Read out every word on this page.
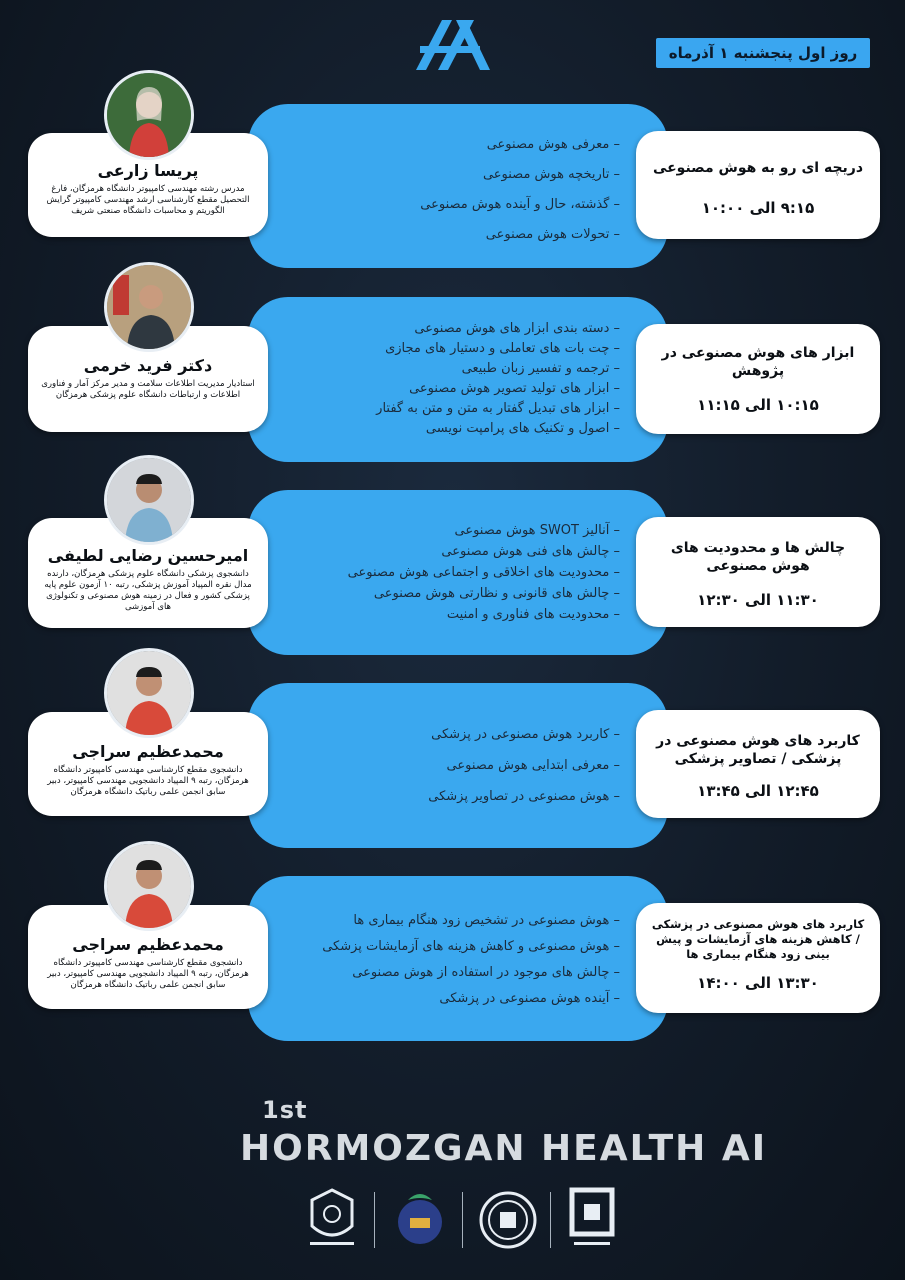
روز اول پنجشنبه ۱ آذرماه
– معرفی هوش مصنوعی
– تاریخچه هوش مصنوعی
– گذشته، حال و آینده هوش مصنوعی
– تحولات هوش مصنوعی
دریچه ای رو به هوش مصنوعی
۹:۱۵ الی ۱۰:۰۰
پریسا زارعی
مدرس رشته مهندسی کامپیوتر دانشگاه هرمزگان، فارغ التحصیل مقطع کارشناسی ارشد مهندسی کامپیوتر گرایش الگوریتم و محاسبات دانشگاه صنعتی شریف
– دسته بندی ابزار های هوش مصنوعی
– چت بات های تعاملی و دستیار های مجازی
– ترجمه و تفسیر زبان طبیعی
– ابزار های تولید تصویر هوش مصنوعی
– ابزار های تبدیل گفتار به متن و متن به گفتار
– اصول و تکنیک های پرامپت نویسی
ابزار های هوش مصنوعی در پژوهش
۱۰:۱۵ الی ۱۱:۱۵
دکتر فرید خرمی
استادیار مدیریت اطلاعات سلامت و مدیر مرکز آمار و فناوری اطلاعات و ارتباطات دانشگاه علوم پزشکی هرمزگان
– آنالیز SWOT هوش مصنوعی
– چالش های فنی هوش مصنوعی
– محدودیت های اخلاقی و اجتماعی هوش مصنوعی
– چالش های قانونی و نظارتی هوش مصنوعی
– محدودیت های فناوری و امنیت
چالش ها و محدودیت های هوش مصنوعی
۱۱:۳۰ الی ۱۲:۳۰
امیرحسین رضایی لطیفی
دانشجوی پزشکی دانشگاه علوم پزشکی هرمزگان، دارنده مدال نقره المپیاد آموزش پزشکی، رتبه ۱۰ آزمون علوم پایه پزشکی کشور و فعال در زمینه هوش مصنوعی و تکنولوژی های آموزشی
– کاربرد هوش مصنوعی در پزشکی
– معرفی ابتدایی هوش مصنوعی
– هوش مصنوعی در تصاویر پزشکی
کاربرد های هوش مصنوعی در پزشکی / تصاویر پزشکی
۱۲:۴۵ الی ۱۳:۴۵
محمدعظیم سراجی
دانشجوی مقطع کارشناسی مهندسی کامپیوتر دانشگاه هرمزگان، رتبه ۹ المپیاد دانشجویی مهندسی کامپیوتر، دبیر سابق انجمن علمی رباتیک دانشگاه هرمزگان
– هوش مصنوعی در تشخیص زود هنگام بیماری ها
– هوش مصنوعی و کاهش هزینه های آزمایشات پزشکی
– چالش های موجود در استفاده از هوش مصنوعی
– آینده هوش مصنوعی در پزشکی
کاربرد های هوش مصنوعی در پزشکی / کاهش هزینه های آزمایشات و پیش بینی زود هنگام بیماری ها
۱۳:۳۰ الی ۱۴:۰۰
محمدعظیم سراجی
دانشجوی مقطع کارشناسی مهندسی کامپیوتر دانشگاه هرمزگان، رتبه ۹ المپیاد دانشجویی مهندسی کامپیوتر، دبیر سابق انجمن علمی رباتیک دانشگاه هرمزگان
1st
HORMOZGAN HEALTH AI
